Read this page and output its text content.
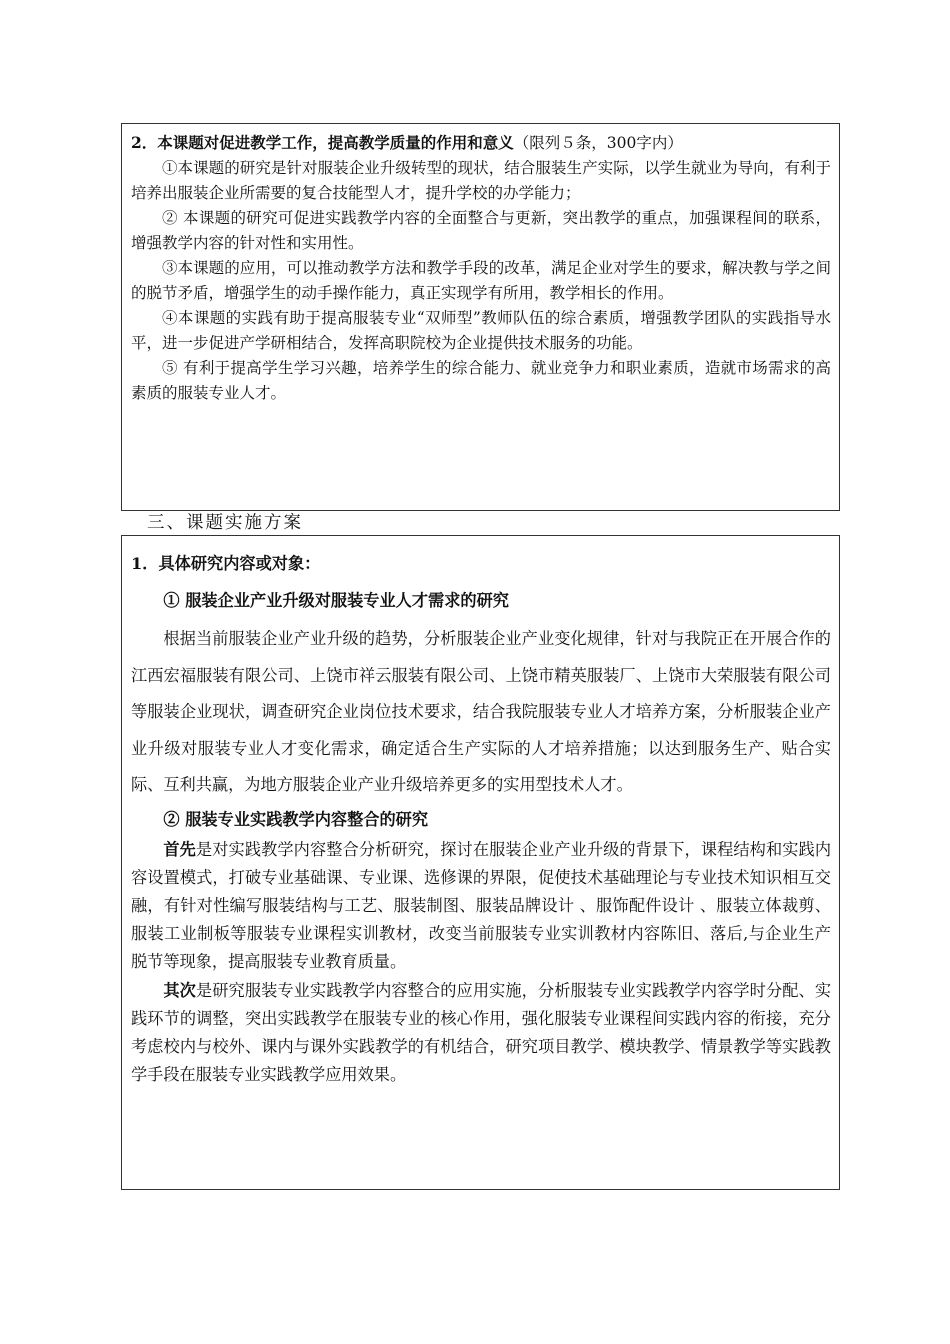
2．本课题对促进教学工作，提高教学质量的作用和意义（限列５条，300字内）

①本课题的研究是针对服装企业升级转型的现状，结合服装生产实际，以学生就业为导向，有利于培养出服装企业所需要的复合技能型人才，提升学校的办学能力；

② 本课题的研究可促进实践教学内容的全面整合与更新，突出教学的重点，加强课程间的联系，增强教学内容的针对性和实用性。

③本课题的应用，可以推动教学方法和教学手段的改革，满足企业对学生的要求，解决教与学之间的脱节矛盾，增强学生的动手操作能力，真正实现学有所用，教学相长的作用。

④本课题的实践有助于提高服装专业“双师型”教师队伍的综合素质，增强教学团队的实践指导水平，进一步促进产学研相结合，发挥高职院校为企业提供技术服务的功能。

⑤ 有利于提高学生学习兴趣，培养学生的综合能力、就业竞争力和职业素质，造就市场需求的高素质的服装专业人才。

三、课题实施方案

1．具体研究内容或对象：

① 服装企业产业升级对服装专业人才需求的研究

根据当前服装企业产业升级的趋势，分析服装企业产业变化规律，针对与我院正在开展合作的江西宏福服装有限公司、上饶市祥云服装有限公司、上饶市精英服装厂、上饶市大荣服装有限公司等服装企业现状，调查研究企业岗位技术要求，结合我院服装专业人才培养方案，分析服装企业产业升级对服装专业人才变化需求，确定适合生产实际的人才培养措施；以达到服务生产、贴合实际、互利共赢，为地方服装企业产业升级培养更多的实用型技术人才。

② 服装专业实践教学内容整合的研究

首先是对实践教学内容整合分析研究，探讨在服装企业产业升级的背景下，课程结构和实践内容设置模式，打破专业基础课、专业课、选修课的界限，促使技术基础理论与专业技术知识相互交融，有针对性编写服装结构与工艺、服装制图、服装品牌设计 、服饰配件设计 、服装立体裁剪、服装工业制板等服装专业课程实训教材，改变当前服装专业实训教材内容陈旧、落后,与企业生产脱节等现象，提高服装专业教育质量。

其次是研究服装专业实践教学内容整合的应用实施，分析服装专业实践教学内容学时分配、实践环节的调整，突出实践教学在服装专业的核心作用，强化服装专业课程间实践内容的衔接，充分考虑校内与校外、课内与课外实践教学的有机结合，研究项目教学、模块教学、情景教学等实践教学手段在服装专业实践教学应用效果。
